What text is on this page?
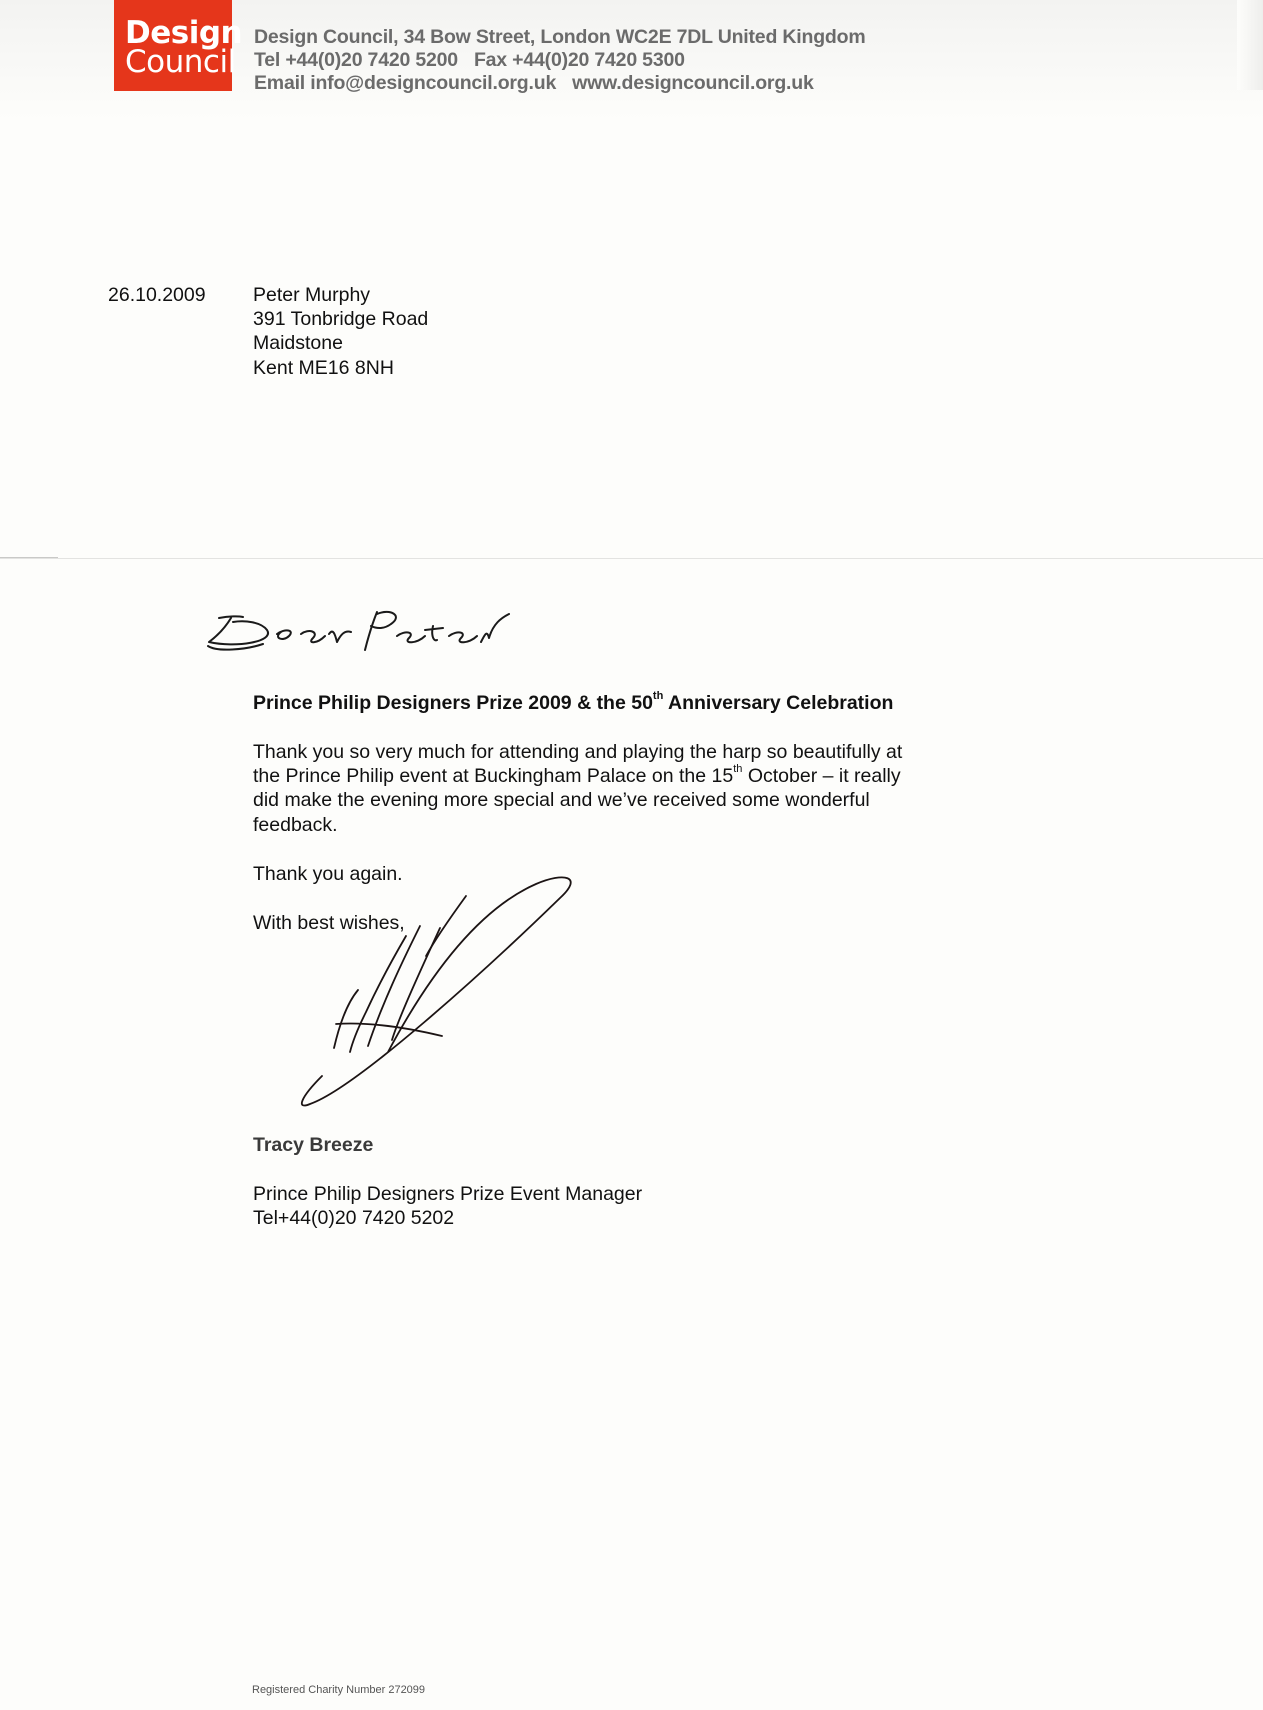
Design
Council
Design Council, 34 Bow Street, London WC2E 7DL United Kingdom
Tel +44(0)20 7420 5200 Fax +44(0)20 7420 5300
Email info@designcouncil.org.uk www.designcouncil.org.uk
26.10.2009 Peter Murphy
391 Tonbridge Road
Maidstone
Kent ME16 8NH
Prince Philip Designers Prize 2009 & the 50th Anniversary Celebration
Thank you so very much for attending and playing the harp so beautifully at
the Prince Philip event at Buckingham Palace on the 15th October – it really
did make the evening more special and we’ve received some wonderful
feedback.
Thank you again.
With best wishes,
Tracy Breeze
Prince Philip Designers Prize Event Manager
Tel+44(0)20 7420 5202
Registered Charity Number 272099
